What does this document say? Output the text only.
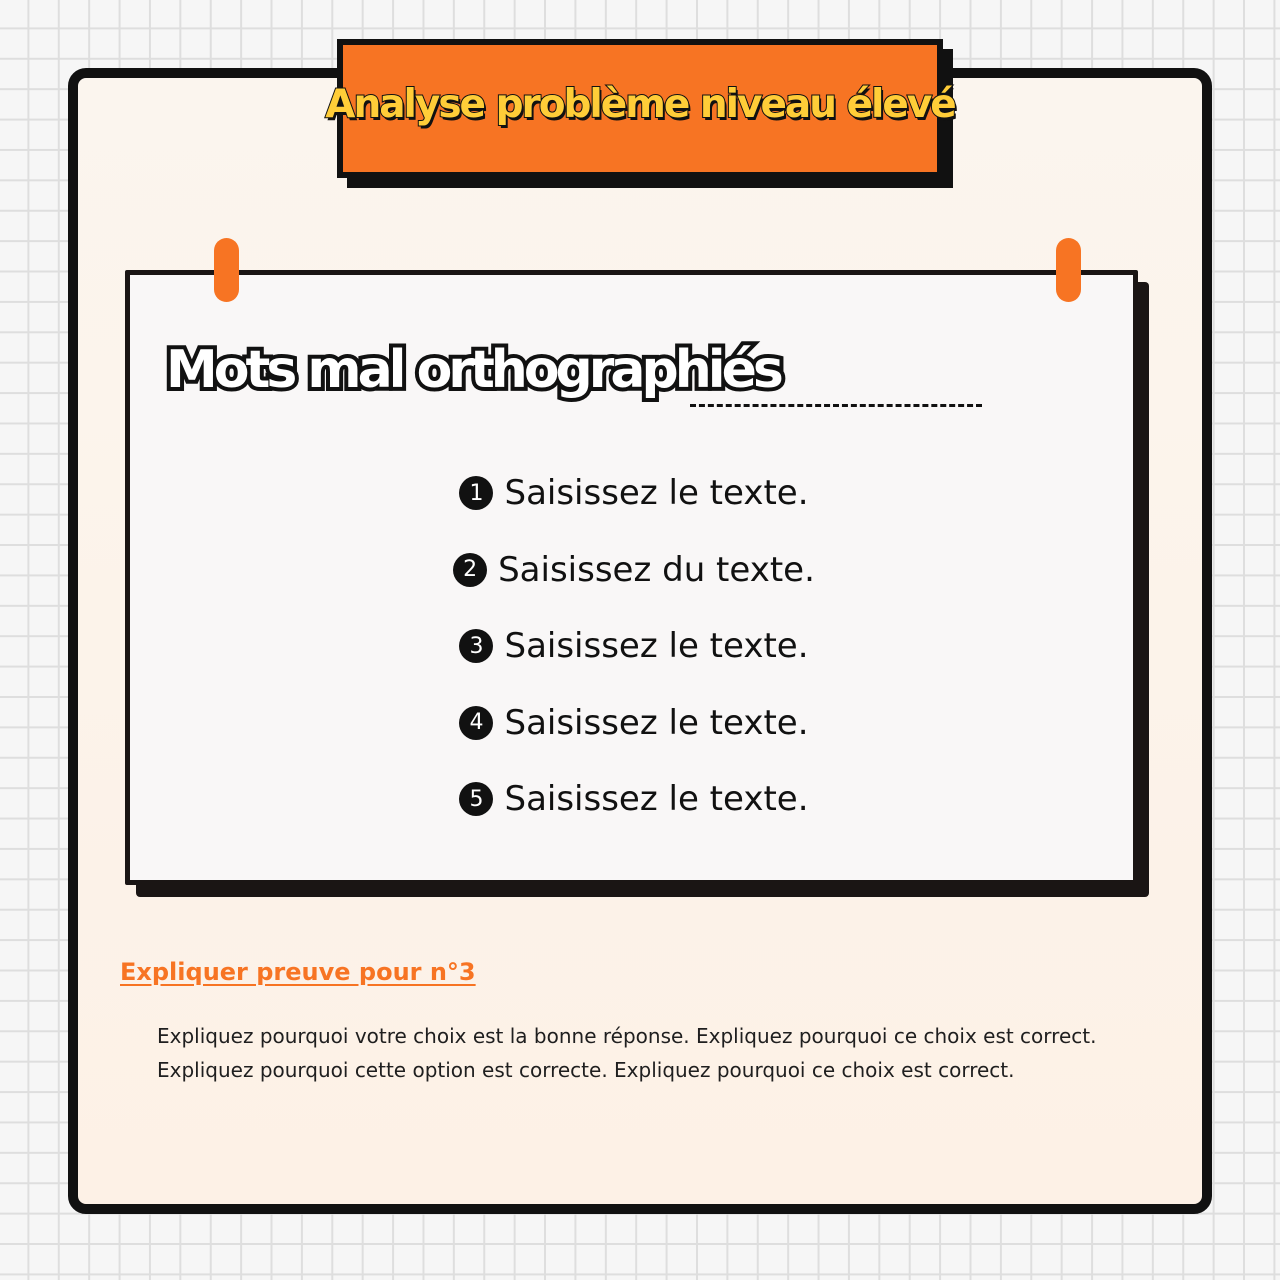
Analyse problème niveau élevé
Mots mal orthographiés
1 Saisissez le texte.
2 Saisissez du texte.
3 Saisissez le texte.
4 Saisissez le texte.
5 Saisissez le texte.
Expliquer preuve pour n°3
Expliquez pourquoi votre choix est la bonne réponse. Expliquez pourquoi ce choix est correct.
Expliquez pourquoi cette option est correcte. Expliquez pourquoi ce choix est correct.
